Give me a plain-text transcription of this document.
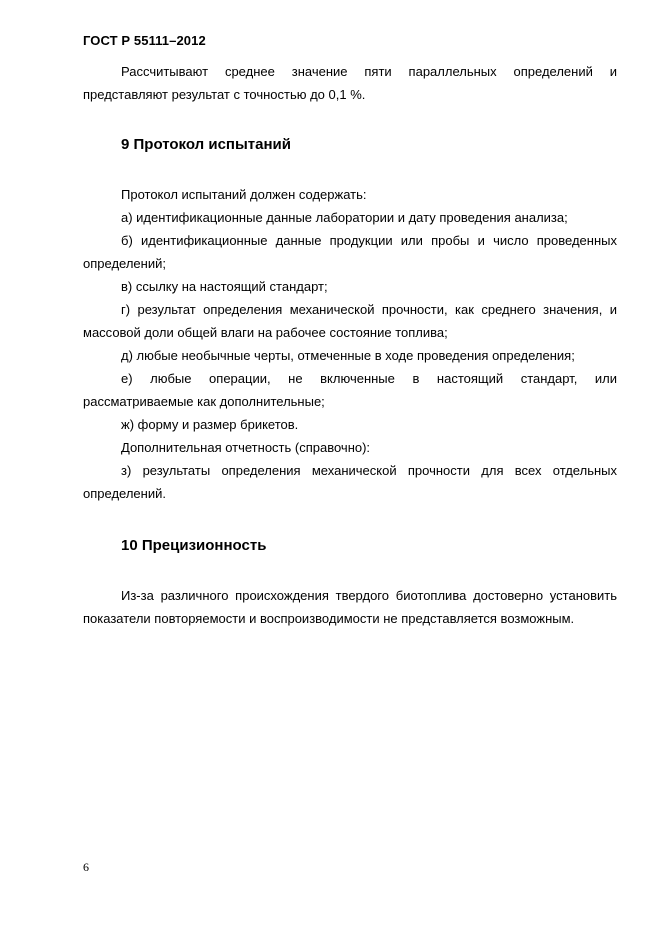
ГОСТ Р 55111–2012

Рассчитывают среднее значение пяти параллельных определений и представляют результат с точностью до 0,1 %.

9 Протокол испытаний

Протокол испытаний должен содержать:

а) идентификационные данные лаборатории и дату проведения анализа;

б) идентификационные данные продукции или пробы и число проведенных определений;

в) ссылку на настоящий стандарт;

г) результат определения механической прочности, как среднего значения, и массовой доли общей влаги на рабочее состояние топлива;

д) любые необычные черты, отмеченные в ходе проведения определения;

е) любые операции, не включенные в настоящий стандарт, или рассматриваемые как дополнительные;

ж) форму и размер брикетов.

Дополнительная отчетность (справочно):

з) результаты определения механической прочности для всех отдельных определений.

10 Прецизионность

Из-за различного происхождения твердого биотоплива достоверно установить показатели повторяемости и воспроизводимости не представляется возможным.

6
